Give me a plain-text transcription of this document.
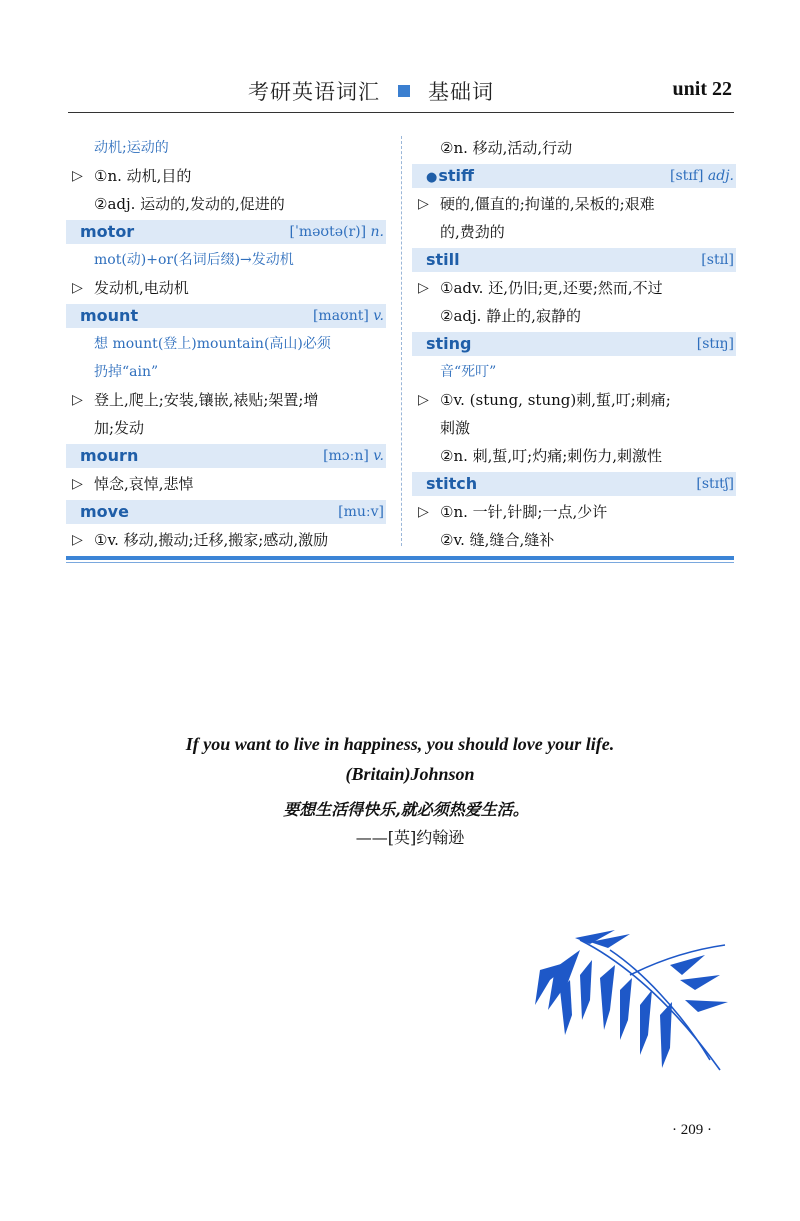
考研英语词汇 基础词	unit 22
动机;运动的
▷ ①n. 动机,目的
②adj. 运动的,发动的,促进的
motor	[ˈməʊtə(r)] n.
mot(动)+or(名词后缀)→发动机
▷ 发动机,电动机
mount	[maʊnt] v.
想 mount(登上)mountain(高山)必须
扔掉“ain”
▷ 登上,爬上;安装,镶嵌,裱贴;架置;增
加;发动
mourn	[mɔːn] v.
▷ 悼念,哀悼,悲悼
move	[muːv]
▷ ①v. 移动,搬动;迁移,搬家;感动,激励
②n. 移动,活动,行动
●stiff	[stɪf] adj.
▷ 硬的,僵直的;拘谨的,呆板的;艰难
的,费劲的
still	[stɪl]
▷ ①adv. 还,仍旧;更,还要;然而,不过
②adj. 静止的,寂静的
sting	[stɪŋ]
音“死叮”
▷ ①v. (stung, stung)刺,蜇,叮;刺痛;
刺激
②n. 刺,蜇,叮;灼痛;刺伤力,刺激性
stitch	[stɪtʃ]
▷ ①n. 一针,针脚;一点,少许
②v. 缝,缝合,缝补
If you want to live in happiness, you should love your life.
(Britain)Johnson
要想生活得快乐,就必须热爱生活。
——[英]约翰逊
· 209 ·
